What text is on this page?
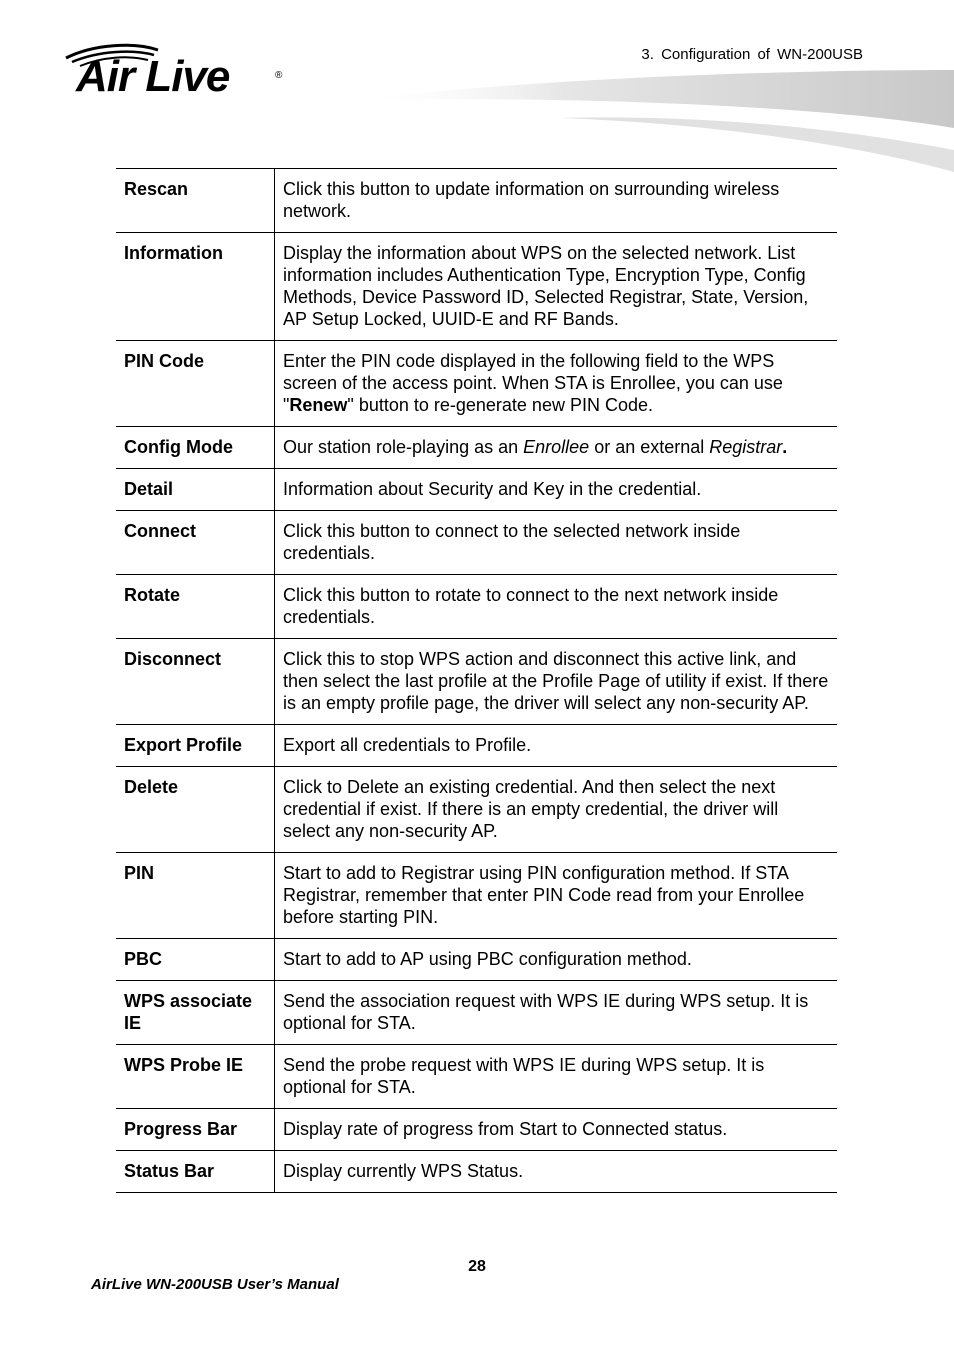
Air Live	®
3. Configuration of WN-200USB
Rescan	Click this button to update information on surrounding wireless network.
Information	Display the information about WPS on the selected network. List information includes Authentication Type, Encryption Type, Config Methods, Device Password ID, Selected Registrar, State, Version, AP Setup Locked, UUID-E and RF Bands.
PIN Code	Enter the PIN code displayed in the following field to the WPS screen of the access point. When STA is Enrollee, you can use "Renew" button to re-generate new PIN Code.
Config Mode	Our station role-playing as an Enrollee or an external Registrar.
Detail	Information about Security and Key in the credential.
Connect	Click this button to connect to the selected network inside credentials.
Rotate	Click this button to rotate to connect to the next network inside credentials.
Disconnect	Click this to stop WPS action and disconnect this active link, and then select the last profile at the Profile Page of utility if exist. If there is an empty profile page, the driver will select any non-security AP.
Export Profile	Export all credentials to Profile.
Delete	Click to Delete an existing credential. And then select the next credential if exist. If there is an empty credential, the driver will select any non-security AP.
PIN	Start to add to Registrar using PIN configuration method. If STA Registrar, remember that enter PIN Code read from your Enrollee before starting PIN.
PBC	Start to add to AP using PBC configuration method.
WPS associate IE	Send the association request with WPS IE during WPS setup. It is optional for STA.
WPS Probe IE	Send the probe request with WPS IE during WPS setup. It is optional for STA.
Progress Bar	Display rate of progress from Start to Connected status.
Status Bar	Display currently WPS Status.
28
AirLive WN-200USB User’s Manual
